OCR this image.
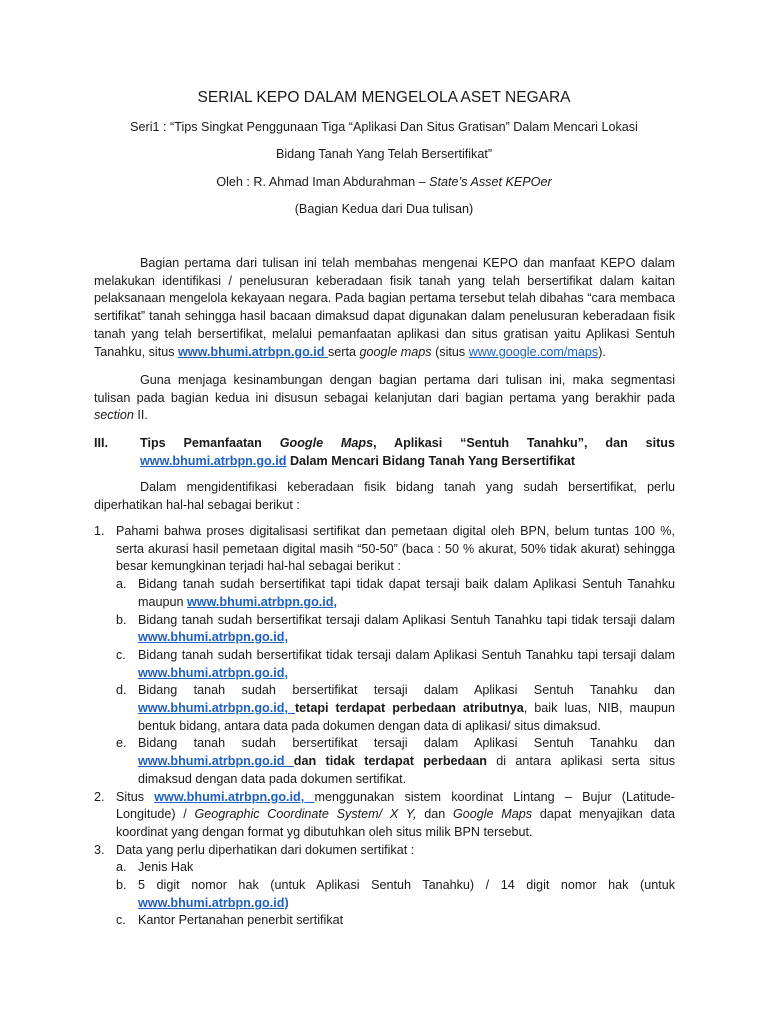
SERIAL KEPO DALAM MENGELOLA ASET NEGARA
Seri1 : “Tips Singkat Penggunaan Tiga “Aplikasi Dan Situs Gratisan” Dalam Mencari Lokasi
Bidang Tanah Yang Telah Bersertifikat”
Oleh : R. Ahmad Iman Abdurahman – State’s Asset KEPOer
(Bagian Kedua dari Dua tulisan)
Bagian pertama dari tulisan ini telah membahas mengenai KEPO dan manfaat KEPO dalam melakukan identifikasi / penelusuran keberadaan fisik tanah yang telah bersertifikat dalam kaitan pelaksanaan mengelola kekayaan negara. Pada bagian pertama tersebut telah dibahas “cara membaca sertifikat” tanah sehingga hasil bacaan dimaksud dapat digunakan dalam penelusuran keberadaan fisik tanah yang telah bersertifikat, melalui pemanfaatan aplikasi dan situs gratisan yaitu Aplikasi Sentuh Tanahku, situs www.bhumi.atrbpn.go.id serta google maps (situs www.google.com/maps).
Guna menjaga kesinambungan dengan bagian pertama dari tulisan ini, maka segmentasi tulisan pada bagian kedua ini disusun sebagai kelanjutan dari bagian pertama yang berakhir pada section II.
III.	Tips Pemanfaatan Google Maps, Aplikasi “Sentuh Tanahku”, dan situs www.bhumi.atrbpn.go.id Dalam Mencari Bidang Tanah Yang Bersertifikat
Dalam mengidentifikasi keberadaan fisik bidang tanah yang sudah bersertifikat, perlu diperhatikan hal-hal sebagai berikut :
1. Pahami bahwa proses digitalisasi sertifikat dan pemetaan digital oleh BPN, belum tuntas 100 %, serta akurasi hasil pemetaan digital masih “50-50” (baca : 50 % akurat, 50% tidak akurat) sehingga besar kemungkinan terjadi hal-hal sebagai berikut :
a. Bidang tanah sudah bersertifikat tapi tidak dapat tersaji baik dalam Aplikasi Sentuh Tanahku maupun www.bhumi.atrbpn.go.id,
b. Bidang tanah sudah bersertifikat tersaji dalam Aplikasi Sentuh Tanahku tapi tidak tersaji dalam www.bhumi.atrbpn.go.id,
c. Bidang tanah sudah bersertifikat tidak tersaji dalam Aplikasi Sentuh Tanahku tapi tersaji dalam www.bhumi.atrbpn.go.id,
d. Bidang tanah sudah bersertifikat tersaji dalam Aplikasi Sentuh Tanahku dan www.bhumi.atrbpn.go.id, tetapi terdapat perbedaan atributnya, baik luas, NIB, maupun bentuk bidang, antara data pada dokumen dengan data di aplikasi/ situs dimaksud.
e. Bidang tanah sudah bersertifikat tersaji dalam Aplikasi Sentuh Tanahku dan www.bhumi.atrbpn.go.id dan tidak terdapat perbedaan di antara aplikasi serta situs dimaksud dengan data pada dokumen sertifikat.
2. Situs www.bhumi.atrbpn.go.id, menggunakan sistem koordinat Lintang – Bujur (Latitude-Longitude) / Geographic Coordinate System/ X Y, dan Google Maps dapat menyajikan data koordinat yang dengan format yg dibutuhkan oleh situs milik BPN tersebut.
3. Data yang perlu diperhatikan dari dokumen sertifikat :
a. Jenis Hak
b. 5 digit nomor hak (untuk Aplikasi Sentuh Tanahku) / 14 digit nomor hak (untuk www.bhumi.atrbpn.go.id)
c. Kantor Pertanahan penerbit sertifikat
